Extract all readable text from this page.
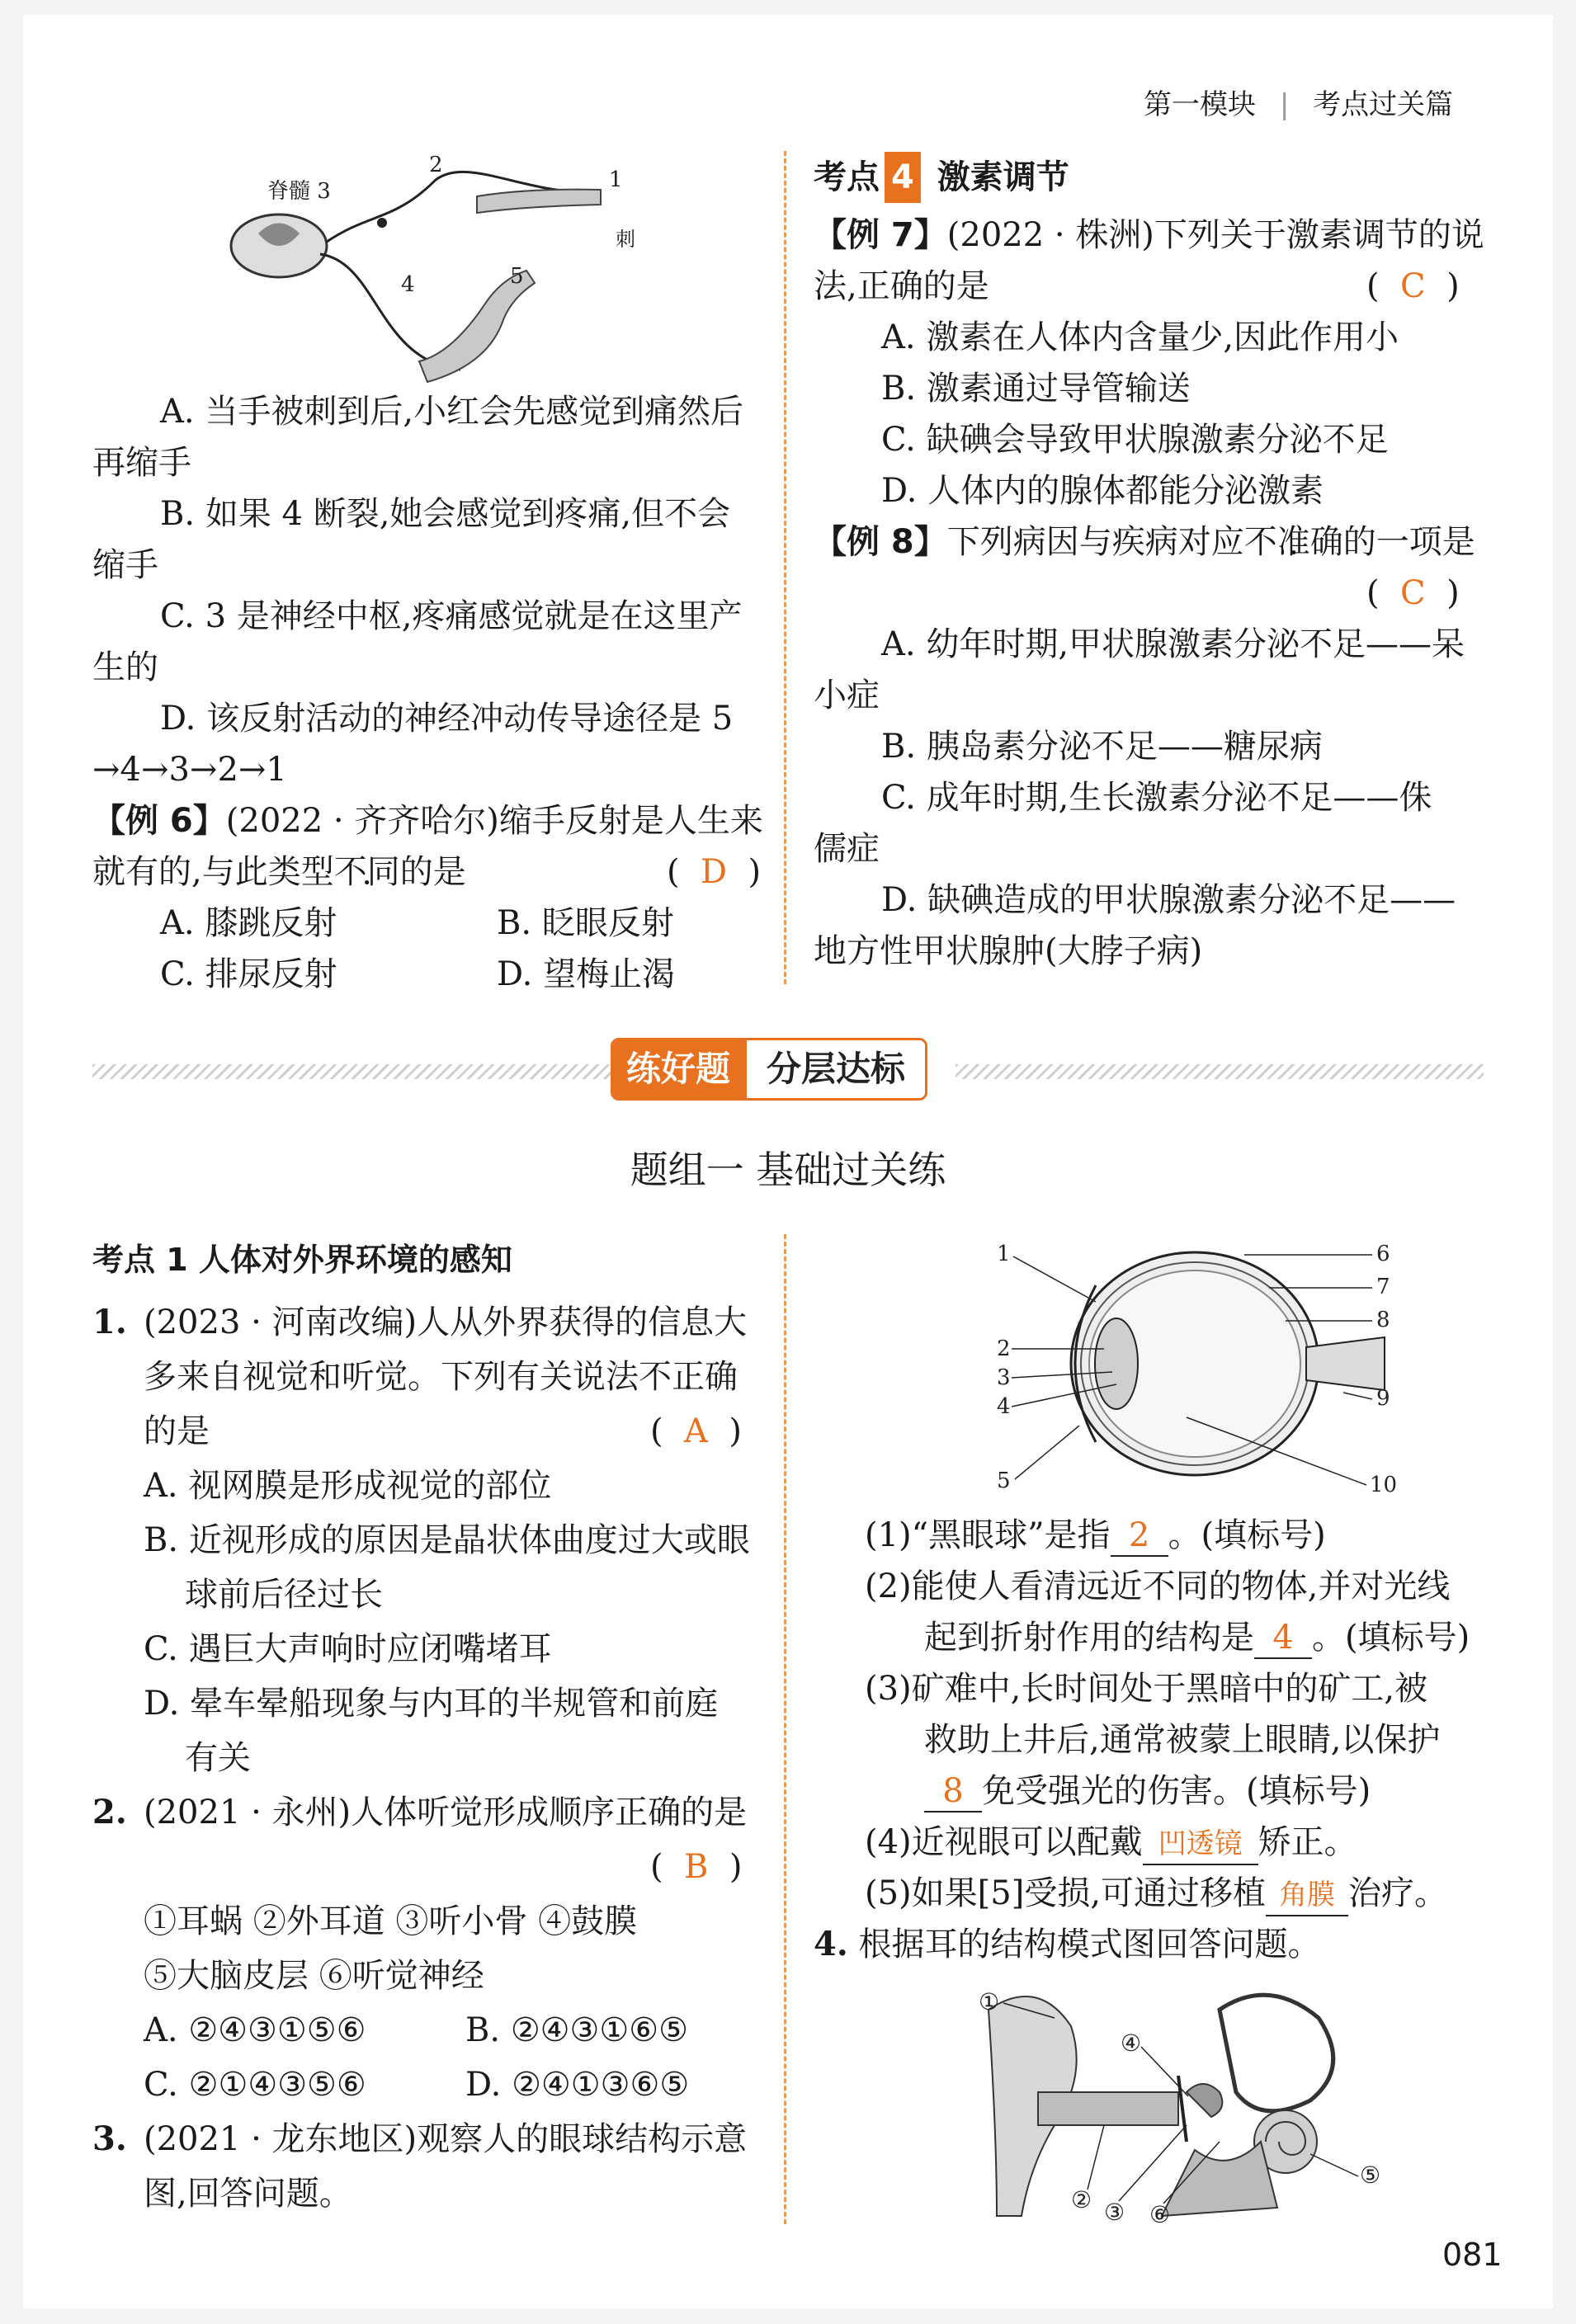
第一模块 | 考点过关篇
脊髓 3
2
1
刺
4	5
A. 当手被刺到后,小红会先感觉到痛然后
再缩手
B. 如果 4 断裂,她会感觉到疼痛,但不会
缩手
C. 3 是神经中枢,疼痛感觉就是在这里产
生的
D. 该反射活动的神经冲动传导途径是 5
→4→3→2→1
【例 6】(2022 · 齐齐哈尔)缩手反射是人生来
就有的,与此类型不同的是	(  D  )
A. 膝跳反射	B. 眨眼反射
C. 排尿反射	D. 望梅止渴
考点 4 激素调节
【例 7】(2022 · 株洲)下列关于激素调节的说
法,正确的是	(  C  )
A. 激素在人体内含量少,因此作用小
B. 激素通过导管输送
C. 缺碘会导致甲状腺激素分泌不足
D. 人体内的腺体都能分泌激素
【例 8】下列病因与疾病对应不准确的一项是
(  C  )
A. 幼年时期,甲状腺激素分泌不足——呆
小症
B. 胰岛素分泌不足——糖尿病
C. 成年时期,生长激素分泌不足——侏
儒症
D. 缺碘造成的甲状腺激素分泌不足——
地方性甲状腺肿(大脖子病)
练好题	分层达标
题组一 基础过关练
考点 1 人体对外界环境的感知
1. (2023 · 河南改编)人从外界获得的信息大
多来自视觉和听觉。下列有关说法不正确
的是	(  A  )
A. 视网膜是形成视觉的部位
B. 近视形成的原因是晶状体曲度过大或眼
球前后径过长
C. 遇巨大声响时应闭嘴堵耳
D. 晕车晕船现象与内耳的半规管和前庭
有关
2. (2021 · 永州)人体听觉形成顺序正确的是
(  B  )
①耳蜗 ②外耳道 ③听小骨 ④鼓膜
⑤大脑皮层 ⑥听觉神经
A. ②④③①⑤⑥	B. ②④③①⑥⑤
C. ②①④③⑤⑥	D. ②④①③⑥⑤
3. (2021 · 龙东地区)观察人的眼球结构示意
图,回答问题。
1
2
3
4
5
6
7
8
9
10
(1)“黑眼球”是指 2 。(填标号)
(2)能使人看清远近不同的物体,并对光线
起到折射作用的结构是 4 。(填标号)
(3)矿难中,长时间处于黑暗中的矿工,被
救助上井后,通常被蒙上眼睛,以保护
8 免受强光的伤害。(填标号)
(4)近视眼可以配戴 凹透镜 矫正。
(5)如果[5]受损,可通过移植 角膜 治疗。
4. 根据耳的结构模式图回答问题。
①
④
⑤
② ③ ⑥
081
